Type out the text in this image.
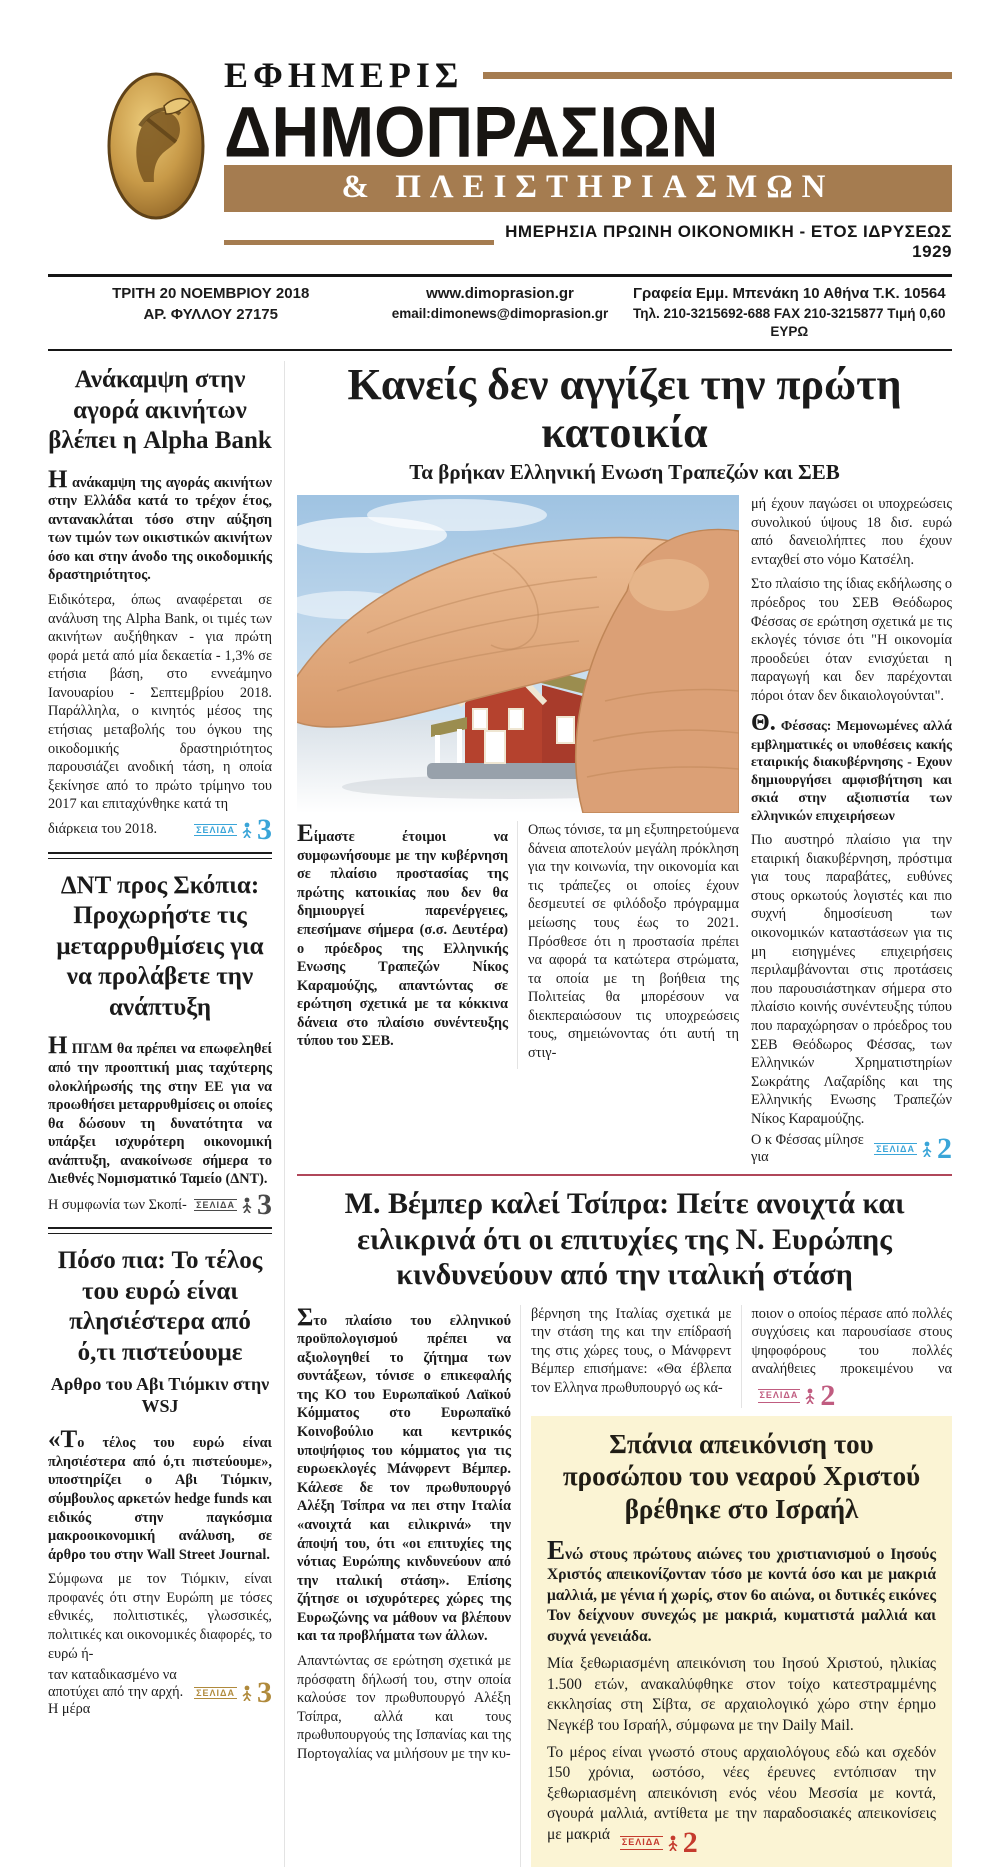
ΕΦΗΜΕΡΙΣ
ΔΗΜΟΠΡΑΣΙΩΝ
& ΠΛΕΙΣΤΗΡΙΑΣΜΩΝ
ΗΜΕΡΗΣΙΑ ΠΡΩΙΝΗ ΟΙΚΟΝΟΜΙΚΗ - ΕΤΟΣ ΙΔΡΥΣΕΩΣ 1929
ΤΡΙΤΗ 20 ΝΟΕΜΒΡΙΟΥ 2018
ΑΡ. ΦΥΛΛΟΥ 27175
www.dimoprasion.gr
email:dimonews@dimoprasion.gr
Γραφεία Εμμ. Μπενάκη 10 Αθήνα Τ.Κ. 10564
Τηλ. 210-3215692-688 FAX 210-3215877 Τιμή 0,60 ΕΥΡΩ
Ανάκαμψη στην αγορά ακινήτων βλέπει η Alpha Bank

Η ανάκαμψη της αγοράς ακινήτων στην Ελλάδα κατά το τρέχον έτος, αντανακλάται τόσο στην αύξηση των τιμών των οικιστικών ακινήτων όσο και στην άνοδο της οικοδομικής δραστηριότητος.

Ειδικότερα, όπως αναφέρεται σε ανάλυση της Alpha Bank, οι τιμές των ακινήτων αυξήθηκαν - για πρώτη φορά μετά από μία δεκαετία - 1,3% σε ετήσια βάση, στο εννεάμηνο Ιανουαρίου - Σεπτεμβρίου 2018. Παράλληλα, ο κινητός μέσος της ετήσιας μεταβολής του όγκου της οικοδομικής δραστηριότητος παρουσιάζει ανοδική τάση, η οποία ξεκίνησε από το πρώτο τρίμηνο του 2017 και επιταχύνθηκε κατά τη

διάρκεια του 2018.	ΣΕΛΙΔΑ 3
ΔΝΤ προς Σκόπια: Προχωρήστε τις μεταρρυθμίσεις για να προλάβετε την ανάπτυξη

Η ΠΓΔΜ θα πρέπει να επωφεληθεί από την προοπτική μιας ταχύτερης ολοκλήρωσής της στην ΕΕ για να προωθήσει μεταρρυθμίσεις οι οποίες θα δώσουν τη δυνατότητα να υπάρξει ισχυρότερη οικονομική ανάπτυξη, ανακοίνωσε σήμερα το Διεθνές Νομισματικό Ταμείο (ΔΝΤ).

Η συμφωνία των Σκοπί- ΣΕΛΙΔΑ 3
Πόσο πια: Το τέλος του ευρώ είναι πλησιέστερα από ό,τι πιστεύουμε
Αρθρο του Αβι Τιόμκιν στην WSJ

«Το τέλος του ευρώ είναι πλησιέστερα από ό,τι πιστεύουμε», υποστηρίζει ο Αβι Τιόμκιν, σύμβουλος αρκετών hedge funds και ειδικός στην παγκόσμια μακροοικονομική ανάλυση, σε άρθρο του στην Wall Street Journal.

Σύμφωνα με τον Τιόμκιν, είναι προφανές ότι στην Ευρώπη με τόσες εθνικές, πολιτιστικές, γλωσσικές, πολιτικές και οικονομικές διαφορές, το ευρώ ή-

ταν καταδικασμένο να αποτύχει από την αρχή. Η μέρα
ΣΕΛΙΔΑ 3
Κανείς δεν αγγίζει την πρώτη κατοικία
Τα βρήκαν Ελληνική Ενωση Τραπεζών και ΣΕΒ

Είμαστε έτοιμοι να συμφωνήσουμε με την κυβέρνηση σε πλαίσιο προστασίας της πρώτης κατοικίας που δεν θα δημιουργεί παρενέργειες, επεσήμανε σήμερα (σ.σ. Δευτέρα) ο πρόεδρος της Ελληνικής Ενωσης Τραπεζών Νίκος Καραμούζης, απαντώντας σε ερώτηση σχετικά με τα κόκκινα δάνεια στο πλαίσιο συνέντευξης τύπου του ΣΕΒ.

Οπως τόνισε, τα μη εξυπηρετούμενα δάνεια αποτελούν μεγάλη πρόκληση για την κοινωνία, την οικονομία και τις τράπεζες οι οποίες έχουν δεσμευτεί σε φιλόδοξο πρόγραμμα μείωσης τους έως το 2021. Πρόσθεσε ότι η προστασία πρέπει να αφορά τα κατώτερα στρώματα, τα οποία με τη βοήθεια της Πολιτείας θα μπορέσουν να διεκπεραιώσουν τις υποχρεώσεις τους, σημειώνοντας ότι αυτή τη στιγ-

μή έχουν παγώσει οι υποχρεώσεις συνολικού ύψους 18 δισ. ευρώ από δανειολήπτες που έχουν ενταχθεί στο νόμο Κατσέλη.

Στο πλαίσιο της ίδιας εκδήλωσης ο πρόεδρος του ΣΕΒ Θεόδωρος Φέσσας σε ερώτηση σχετικά με τις εκλογές τόνισε ότι "Η οικονομία προοδεύει όταν ενισχύεται η παραγωγή και δεν παρέχονται πόροι όταν δεν δικαιολογούνται".

Θ. Φέσσας: Μεμονωμένες αλλά εμβληματικές οι υποθέσεις κακής εταιρικής διακυβέρνησης - Εχουν δημιουργήσει αμφισβήτηση και σκιά στην αξιοπιστία των ελληνικών επιχειρήσεων

Πιο αυστηρό πλαίσιο για την εταιρική διακυβέρνηση, πρόστιμα για τους παραβάτες, ευθύνες στους ορκωτούς λογιστές και πιο συχνή δημοσίευση των οικονομικών καταστάσεων για τις μη εισηγμένες επιχειρήσεις περιλαμβάνονται στις προτάσεις που παρουσιάστηκαν σήμερα στο πλαίσιο κοινής συνέντευξης τύπου που παραχώρησαν ο πρόεδρος του ΣΕΒ Θεόδωρος Φέσσας, των Ελληνικών Χρηματιστηρίων Σωκράτης Λαζαρίδης και της Ελληνικής Ενωσης Τραπεζών Νίκος Καραμούζης.

Ο κ Φέσσας μίλησε για	ΣΕΛΙΔΑ 2
Μ. Βέμπερ καλεί Τσίπρα: Πείτε ανοιχτά και ειλικρινά ότι οι επιτυχίες της Ν. Ευρώπης κινδυνεύουν από την ιταλική στάση

Στο πλαίσιο του ελληνικού προϋπολογισμού πρέπει να αξιολογηθεί το ζήτημα των συντάξεων, τόνισε ο επικεφαλής της ΚΟ του Ευρωπαϊκού Λαϊκού Κόμματος στο Ευρωπαϊκό Κοινοβούλιο και κεντρικός υποψήφιος του κόμματος για τις ευρωεκλογές Μάνφρεντ Βέμπερ. Κάλεσε δε τον πρωθυπουργό Αλέξη Τσίπρα να πει στην Ιταλία «ανοιχτά και ειλικρινά» την άποψή του, ότι «οι επιτυχίες της νότιας Ευρώπης κινδυνεύουν από την ιταλική στάση». Επίσης ζήτησε οι ισχυρότερες χώρες της Ευρωζώνης να μάθουν να βλέπουν και τα προβλήματα των άλλων.

Απαντώντας σε ερώτηση σχετικά με πρόσφατη δήλωσή του, στην οποία καλούσε τον πρωθυπουργό Αλέξη Τσίπρα, αλλά και τους πρωθυπουργούς της Ισπανίας και της Πορτογαλίας να μιλήσουν με την κυ-

βέρνηση της Ιταλίας σχετικά με την στάση της και την επίδρασή της στις χώρες τους, ο Μάνφρεντ Βέμπερ επισήμανε: «Θα έβλεπα τον Ελληνα πρωθυπουργό ως κά-

ποιον ο οποίος πέρασε από πολλές συγχύσεις και παρουσίασε στους ψηφοφόρους του πολλές αναλήθειες προκειμένου να
ΣΕΛΙΔΑ 2

Σπάνια απεικόνιση του προσώπου του νεαρού Χριστού βρέθηκε στο Ισραήλ

Ενώ στους πρώτους αιώνες του χριστιανισμού ο Ιησούς Χριστός απεικονίζονταν τόσο με κοντά όσο και με μακριά μαλλιά, με γένια ή χωρίς, στον 6ο αιώνα, οι δυτικές εικόνες Τον δείχνουν συνεχώς με μακριά, κυματιστά μαλλιά και συχνά γενειάδα.

Μία ξεθωριασμένη απεικόνιση του Ιησού Χριστού, ηλικίας 1.500 ετών, ανακαλύφθηκε στον τοίχο κατεστραμμένης εκκλησίας στη Σίβτα, σε αρχαιολογικό χώρο στην έρημο Νεγκέβ του Ισραήλ, σύμφωνα με την Daily Mail.

Το μέρος είναι γνωστό στους αρχαιολόγους εδώ και σχεδόν 150 χρόνια, ωστόσο, νέες έρευνες εντόπισαν την ξεθωριασμένη απεικόνιση ενός νέου Μεσσία με κοντά, σγουρά μαλλιά, αντίθετα με την παραδοσιακές απεικονίσεις με μακριά ΣΕΛΙΔΑ 2
